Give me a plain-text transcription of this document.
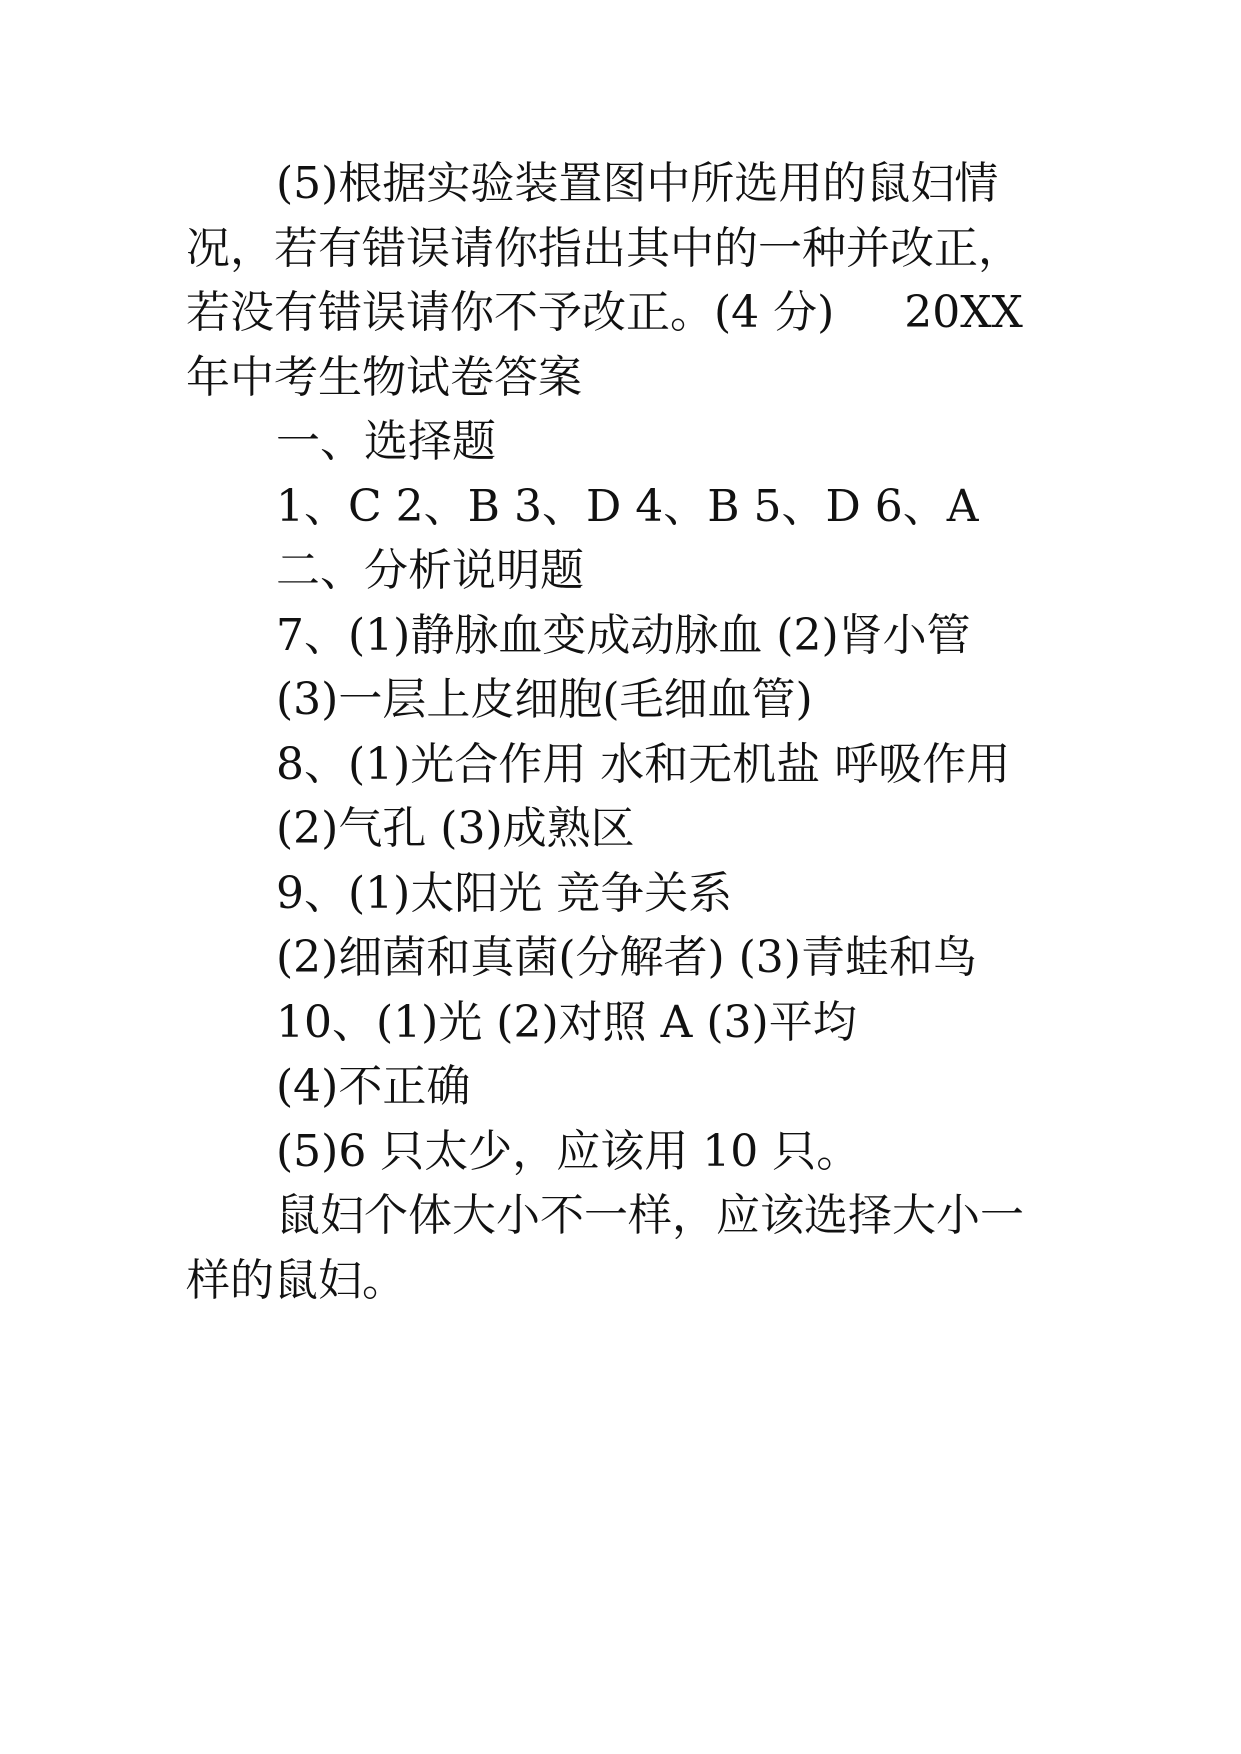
(5)根据实验装置图中所选用的鼠妇情
况，若有错误请你指出其中的一种并改正，
若没有错误请你不予改正。(4 分)     20XX
年中考生物试卷答案
一、选择题
1、C 2、B 3、D 4、B 5、D 6、A
二、分析说明题
7、(1)静脉血变成动脉血 (2)肾小管
(3)一层上皮细胞(毛细血管)
8、(1)光合作用 水和无机盐 呼吸作用
(2)气孔 (3)成熟区
9、(1)太阳光 竞争关系
(2)细菌和真菌(分解者) (3)青蛙和鸟
10、(1)光 (2)对照 A (3)平均
(4)不正确
(5)6 只太少，应该用 10 只。
鼠妇个体大小不一样，应该选择大小一
样的鼠妇。
